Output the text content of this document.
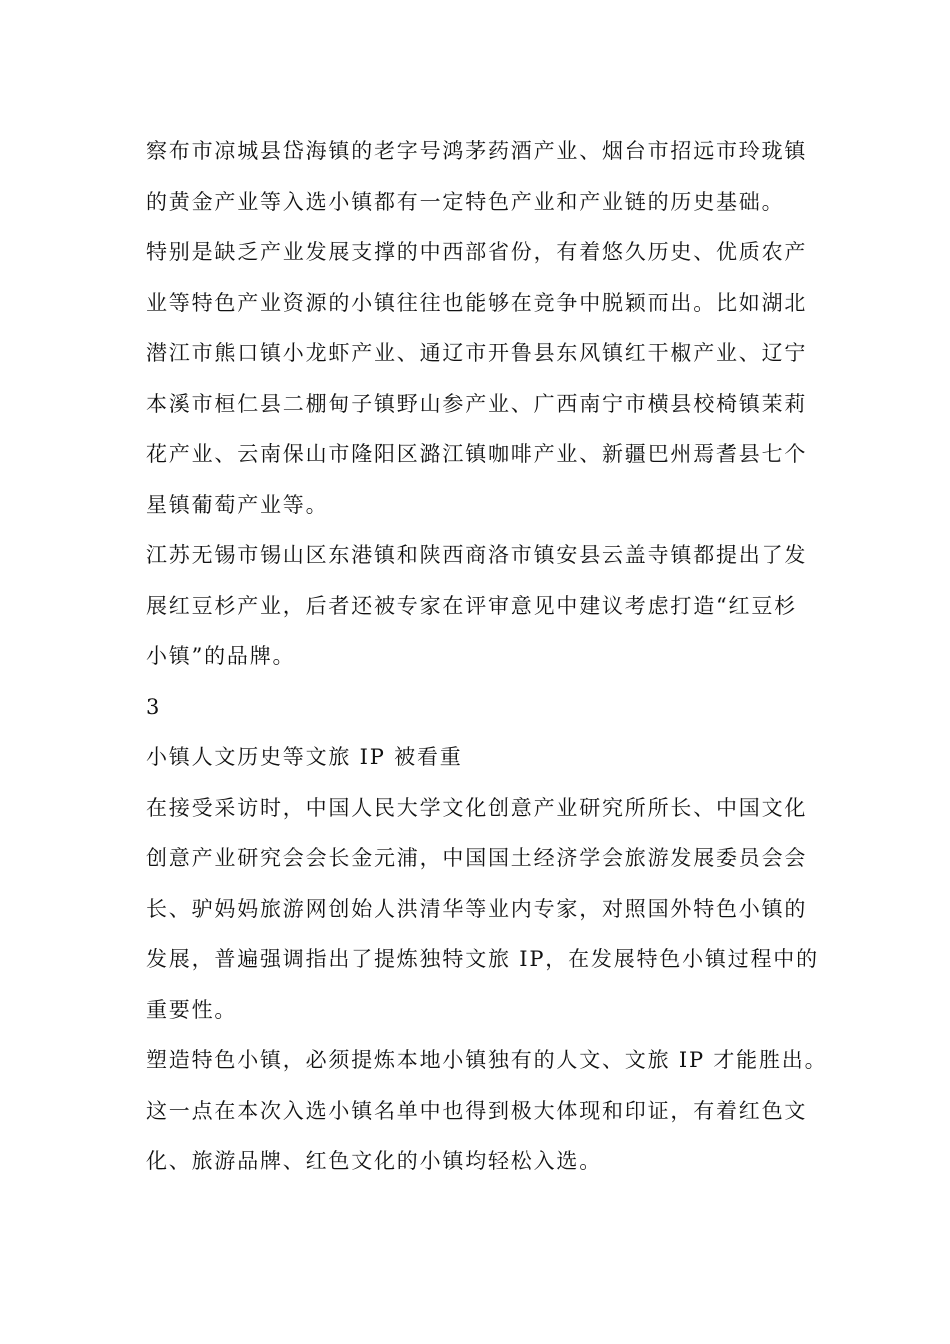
察布市凉城县岱海镇的老字号鸿茅药酒产业、烟台市招远市玲珑镇
的黄金产业等入选小镇都有一定特色产业和产业链的历史基础。
特别是缺乏产业发展支撑的中西部省份，有着悠久历史、优质农产
业等特色产业资源的小镇往往也能够在竞争中脱颖而出。比如湖北
潜江市熊口镇小龙虾产业、通辽市开鲁县东风镇红干椒产业、辽宁
本溪市桓仁县二棚甸子镇野山参产业、广西南宁市横县校椅镇茉莉
花产业、云南保山市隆阳区潞江镇咖啡产业、新疆巴州焉耆县七个
星镇葡萄产业等。
江苏无锡市锡山区东港镇和陕西商洛市镇安县云盖寺镇都提出了发
展红豆杉产业，后者还被专家在评审意见中建议考虑打造“红豆杉
小镇”的品牌。
3
小镇人文历史等文旅 IP 被看重
在接受采访时，中国人民大学文化创意产业研究所所长、中国文化
创意产业研究会会长金元浦，中国国土经济学会旅游发展委员会会
长、驴妈妈旅游网创始人洪清华等业内专家，对照国外特色小镇的
发展，普遍强调指出了提炼独特文旅 IP，在发展特色小镇过程中的
重要性。
塑造特色小镇，必须提炼本地小镇独有的人文、文旅 IP 才能胜出。
这一点在本次入选小镇名单中也得到极大体现和印证，有着红色文
化、旅游品牌、红色文化的小镇均轻松入选。
